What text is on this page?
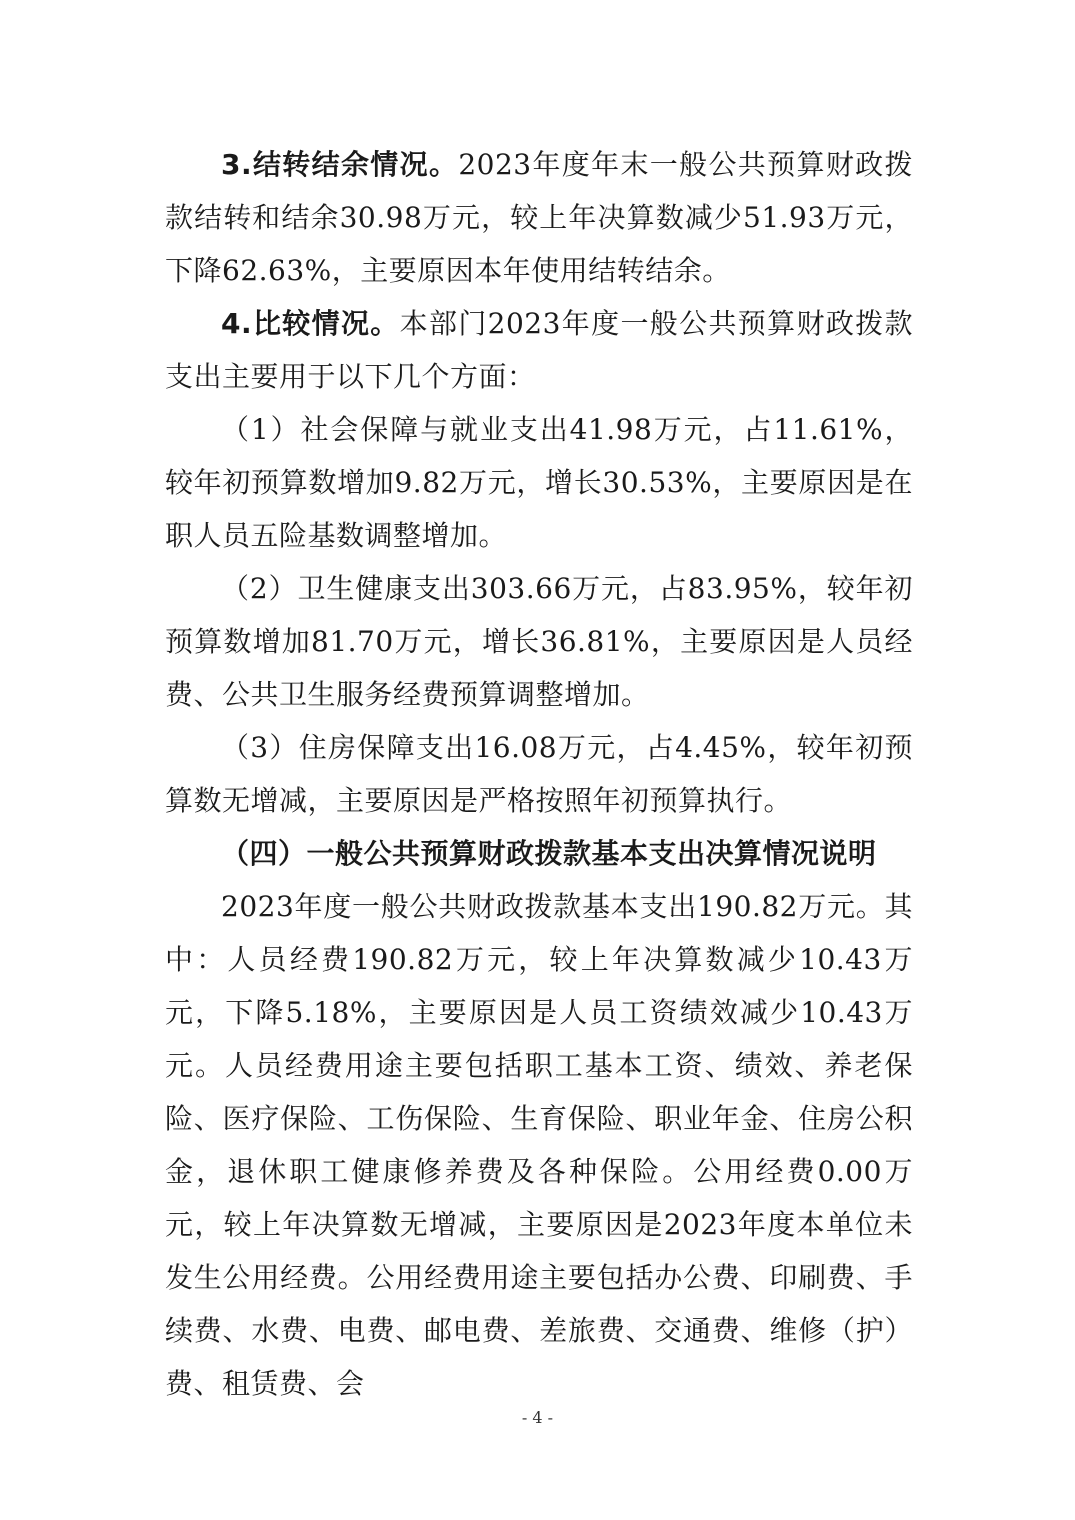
3.结转结余情况。2023年度年末一般公共预算财政拨款结转和结余30.98万元，较上年决算数减少51.93万元，下降62.63%，主要原因本年使用结转结余。

4.比较情况。本部门2023年度一般公共预算财政拨款支出主要用于以下几个方面：

（1）社会保障与就业支出41.98万元，占11.61%，较年初预算数增加9.82万元，增长30.53%，主要原因是在职人员五险基数调整增加。

（2）卫生健康支出303.66万元，占83.95%，较年初预算数增加81.70万元，增长36.81%，主要原因是人员经费、公共卫生服务经费预算调整增加。

（3）住房保障支出16.08万元，占4.45%，较年初预算数无增减，主要原因是严格按照年初预算执行。

（四）一般公共预算财政拨款基本支出决算情况说明

2023年度一般公共财政拨款基本支出190.82万元。其中：人员经费190.82万元，较上年决算数减少10.43万元，下降5.18%，主要原因是人员工资绩效减少10.43万元。人员经费用途主要包括职工基本工资、绩效、养老保险、医疗保险、工伤保险、生育保险、职业年金、住房公积金，退休职工健康修养费及各种保险。公用经费0.00万元，较上年决算数无增减，主要原因是2023年度本单位未发生公用经费。公用经费用途主要包括办公费、印刷费、手续费、水费、电费、邮电费、差旅费、交通费、维修（护）费、租赁费、会

- 4 -
